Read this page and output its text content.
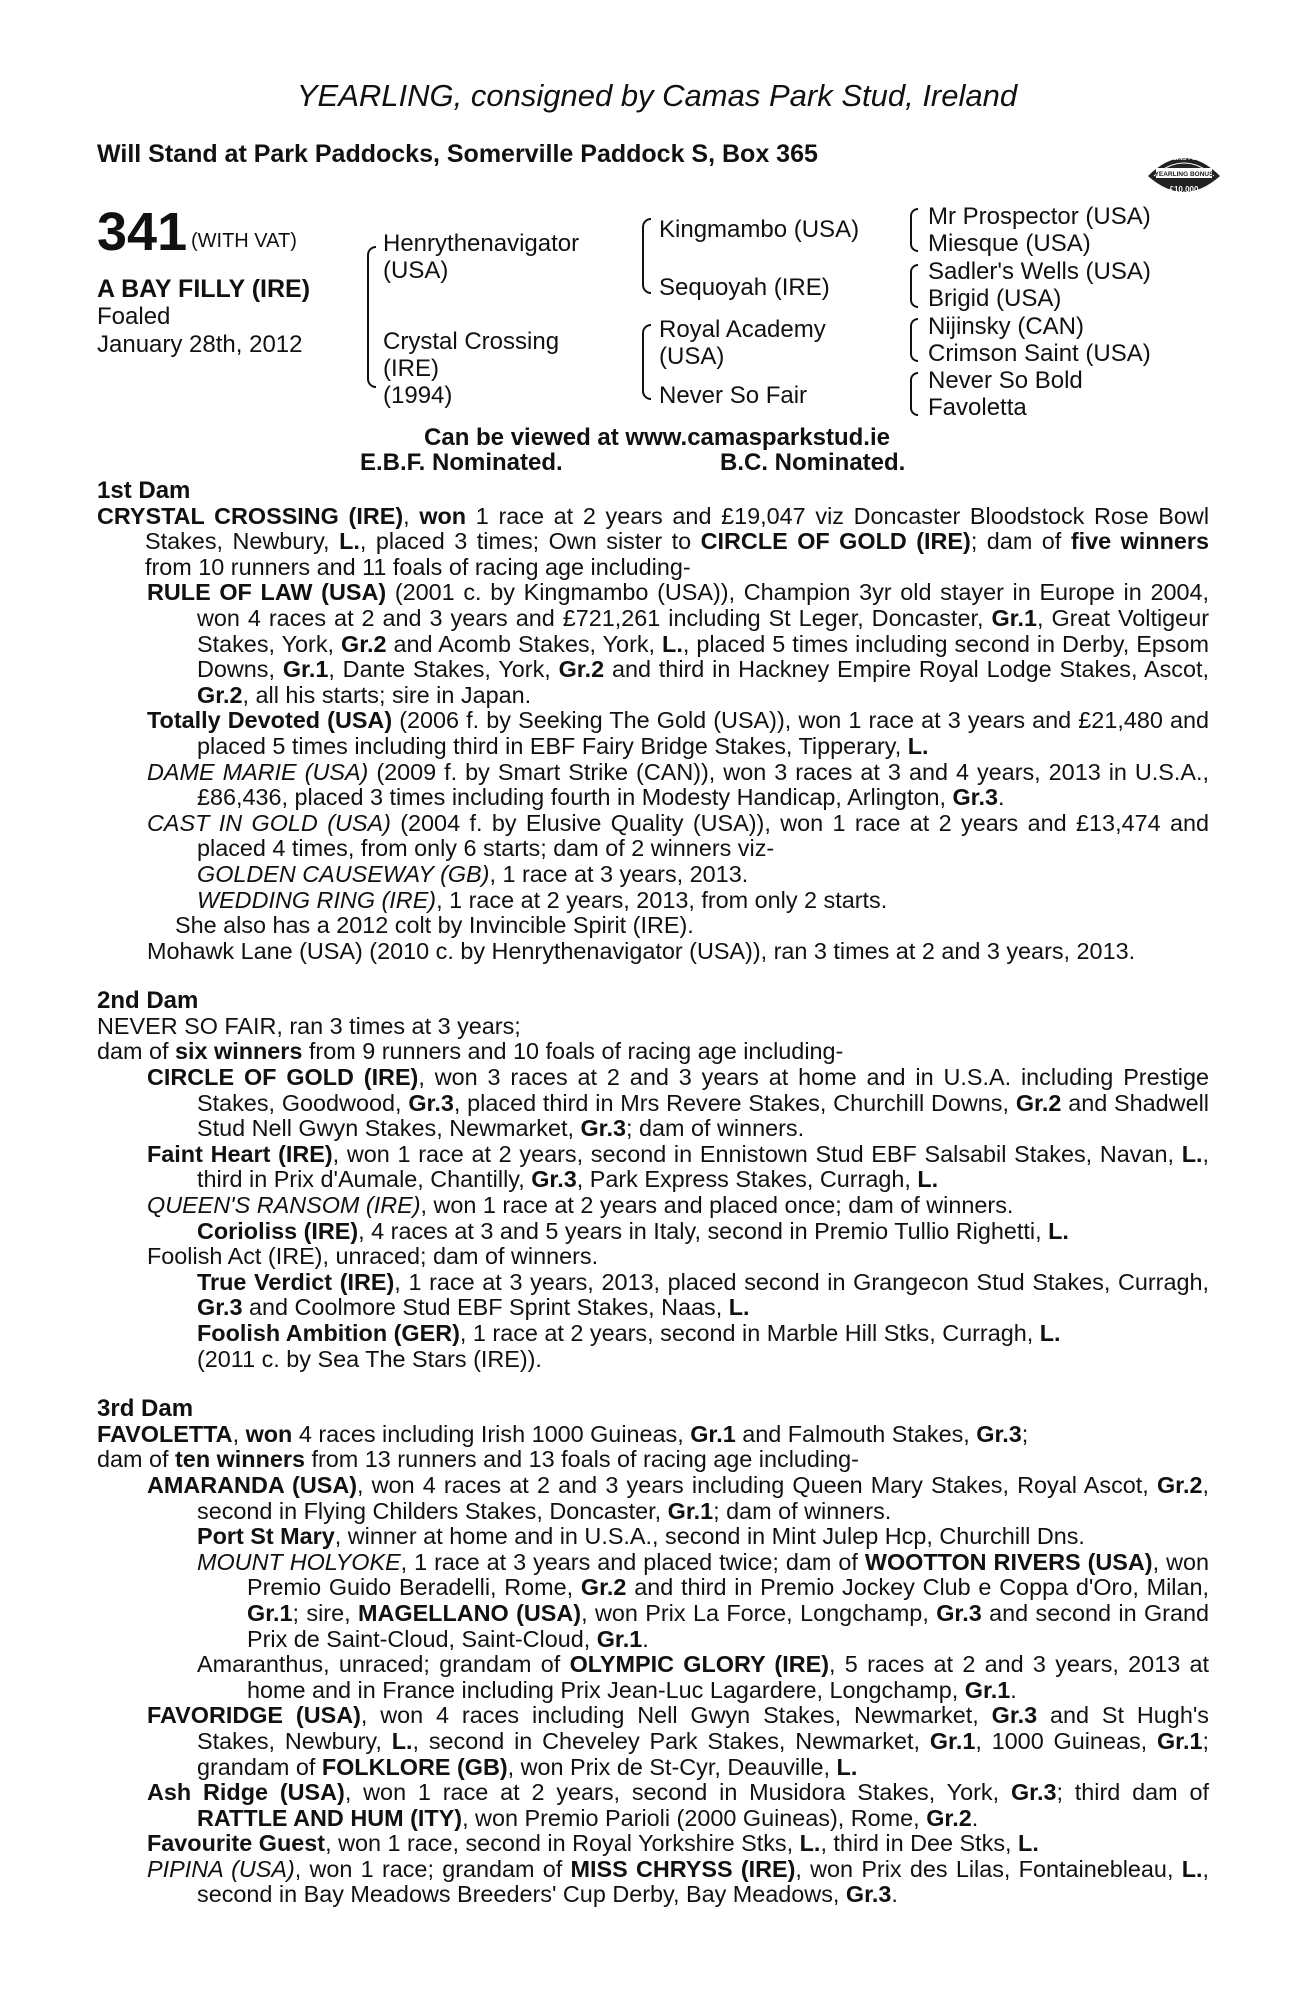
YEARLING, consigned by Camas Park Stud, Ireland
Will Stand at Park Paddocks, Somerville Paddock S, Box 365	RACING POST
YEARLING BONUS
£10,000
341 (WITH VAT)
A BAY FILLY (IRE)
Foaled
January 28th, 2012
Henrythenavigator
(USA)
Crystal Crossing
(IRE)
(1994)
Kingmambo (USA)
Sequoyah (IRE)
Royal Academy
(USA)
Never So Fair
Mr Prospector (USA)
Miesque (USA)
Sadler's Wells (USA)
Brigid (USA)
Nijinsky (CAN)
Crimson Saint (USA)
Never So Bold
Favoletta
Can be viewed at www.camasparkstud.ie
E.B.F. Nominated.	B.C. Nominated.
1st Dam
CRYSTAL CROSSING (IRE), won 1 race at 2 years and £19,047 viz Doncaster Bloodstock Rose Bowl Stakes, Newbury, L., placed 3 times; Own sister to CIRCLE OF GOLD (IRE); dam of five winners from 10 runners and 11 foals of racing age including-
RULE OF LAW (USA) (2001 c. by Kingmambo (USA)), Champion 3yr old stayer in Europe in 2004, won 4 races at 2 and 3 years and £721,261 including St Leger, Doncaster, Gr.1, Great Voltigeur Stakes, York, Gr.2 and Acomb Stakes, York, L., placed 5 times including second in Derby, Epsom Downs, Gr.1, Dante Stakes, York, Gr.2 and third in Hackney Empire Royal Lodge Stakes, Ascot, Gr.2, all his starts; sire in Japan.
Totally Devoted (USA) (2006 f. by Seeking The Gold (USA)), won 1 race at 3 years and £21,480 and placed 5 times including third in EBF Fairy Bridge Stakes, Tipperary, L.
DAME MARIE (USA) (2009 f. by Smart Strike (CAN)), won 3 races at 3 and 4 years, 2013 in U.S.A., £86,436, placed 3 times including fourth in Modesty Handicap, Arlington, Gr.3.
CAST IN GOLD (USA) (2004 f. by Elusive Quality (USA)), won 1 race at 2 years and £13,474 and placed 4 times, from only 6 starts; dam of 2 winners viz-
GOLDEN CAUSEWAY (GB), 1 race at 3 years, 2013.
WEDDING RING (IRE), 1 race at 2 years, 2013, from only 2 starts.
She also has a 2012 colt by Invincible Spirit (IRE).
Mohawk Lane (USA) (2010 c. by Henrythenavigator (USA)), ran 3 times at 2 and 3 years, 2013.
2nd Dam
NEVER SO FAIR, ran 3 times at 3 years;
dam of six winners from 9 runners and 10 foals of racing age including-
CIRCLE OF GOLD (IRE), won 3 races at 2 and 3 years at home and in U.S.A. including Prestige Stakes, Goodwood, Gr.3, placed third in Mrs Revere Stakes, Churchill Downs, Gr.2 and Shadwell Stud Nell Gwyn Stakes, Newmarket, Gr.3; dam of winners.
Faint Heart (IRE), won 1 race at 2 years, second in Ennistown Stud EBF Salsabil Stakes, Navan, L., third in Prix d'Aumale, Chantilly, Gr.3, Park Express Stakes, Curragh, L.
QUEEN'S RANSOM (IRE), won 1 race at 2 years and placed once; dam of winners.
Corioliss (IRE), 4 races at 3 and 5 years in Italy, second in Premio Tullio Righetti, L.
Foolish Act (IRE), unraced; dam of winners.
True Verdict (IRE), 1 race at 3 years, 2013, placed second in Grangecon Stud Stakes, Curragh, Gr.3 and Coolmore Stud EBF Sprint Stakes, Naas, L.
Foolish Ambition (GER), 1 race at 2 years, second in Marble Hill Stks, Curragh, L.
(2011 c. by Sea The Stars (IRE)).
3rd Dam
FAVOLETTA, won 4 races including Irish 1000 Guineas, Gr.1 and Falmouth Stakes, Gr.3;
dam of ten winners from 13 runners and 13 foals of racing age including-
AMARANDA (USA), won 4 races at 2 and 3 years including Queen Mary Stakes, Royal Ascot, Gr.2, second in Flying Childers Stakes, Doncaster, Gr.1; dam of winners.
Port St Mary, winner at home and in U.S.A., second in Mint Julep Hcp, Churchill Dns.
MOUNT HOLYOKE, 1 race at 3 years and placed twice; dam of WOOTTON RIVERS (USA), won Premio Guido Beradelli, Rome, Gr.2 and third in Premio Jockey Club e Coppa d'Oro, Milan, Gr.1; sire, MAGELLANO (USA), won Prix La Force, Longchamp, Gr.3 and second in Grand Prix de Saint-Cloud, Saint-Cloud, Gr.1.
Amaranthus, unraced; grandam of OLYMPIC GLORY (IRE), 5 races at 2 and 3 years, 2013 at home and in France including Prix Jean-Luc Lagardere, Longchamp, Gr.1.
FAVORIDGE (USA), won 4 races including Nell Gwyn Stakes, Newmarket, Gr.3 and St Hugh's Stakes, Newbury, L., second in Cheveley Park Stakes, Newmarket, Gr.1, 1000 Guineas, Gr.1; grandam of FOLKLORE (GB), won Prix de St-Cyr, Deauville, L.
Ash Ridge (USA), won 1 race at 2 years, second in Musidora Stakes, York, Gr.3; third dam of RATTLE AND HUM (ITY), won Premio Parioli (2000 Guineas), Rome, Gr.2.
Favourite Guest, won 1 race, second in Royal Yorkshire Stks, L., third in Dee Stks, L.
PIPINA (USA), won 1 race; grandam of MISS CHRYSS (IRE), won Prix des Lilas, Fontainebleau, L., second in Bay Meadows Breeders' Cup Derby, Bay Meadows, Gr.3.
